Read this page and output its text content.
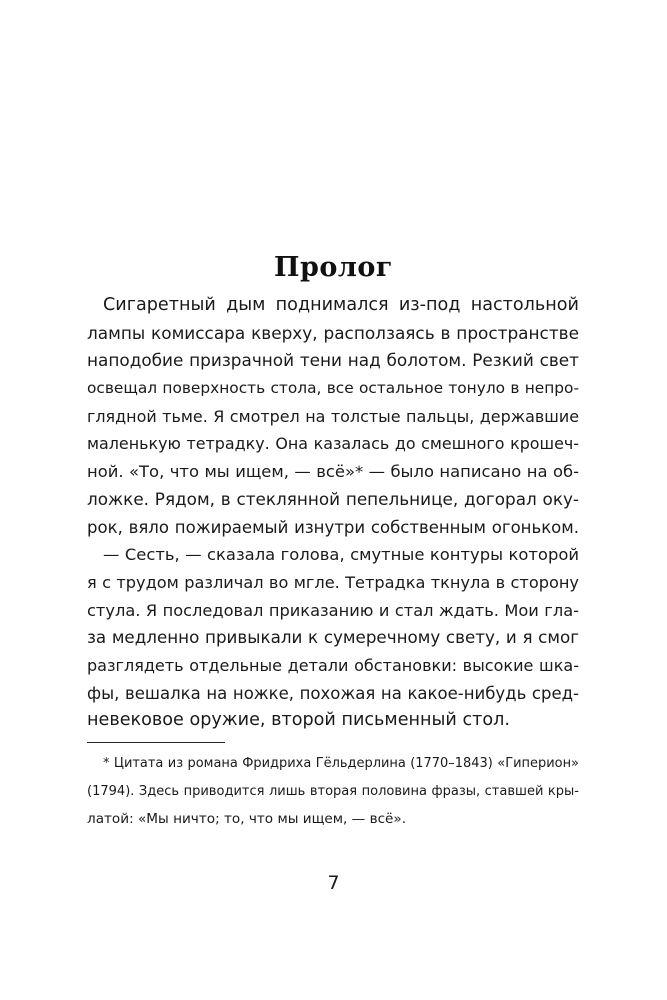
Пролог
Сигаретный дым поднимался из-под настольной
лампы комиссара кверху, расползаясь в пространстве
наподобие призрачной тени над болотом. Резкий свет
освещал поверхность стола, все остальное тонуло в непро-
глядной тьме. Я смотрел на толстые пальцы, державшие
маленькую тетрадку. Она казалась до смешного крошеч-
ной. «То, что мы ищем, — всё»* — было написано на об-
ложке. Рядом, в стеклянной пепельнице, догорал оку-
рок, вяло пожираемый изнутри собственным огоньком.
— Сесть, — сказала голова, смутные контуры которой
я с трудом различал во мгле. Тетрадка ткнула в сторону
стула. Я последовал приказанию и стал ждать. Мои гла-
за медленно привыкали к сумеречному свету, и я смог
разглядеть отдельные детали обстановки: высокие шка-
фы, вешалка на ножке, похожая на какое-нибудь сред-
невековое оружие, второй письменный стол.
* Цитата из романа Фридриха Гёльдерлина (1770–1843) «Гиперион»
(1794). Здесь приводится лишь вторая половина фразы, ставшей кры-
латой: «Мы ничто; то, что мы ищем, — всё».
7
